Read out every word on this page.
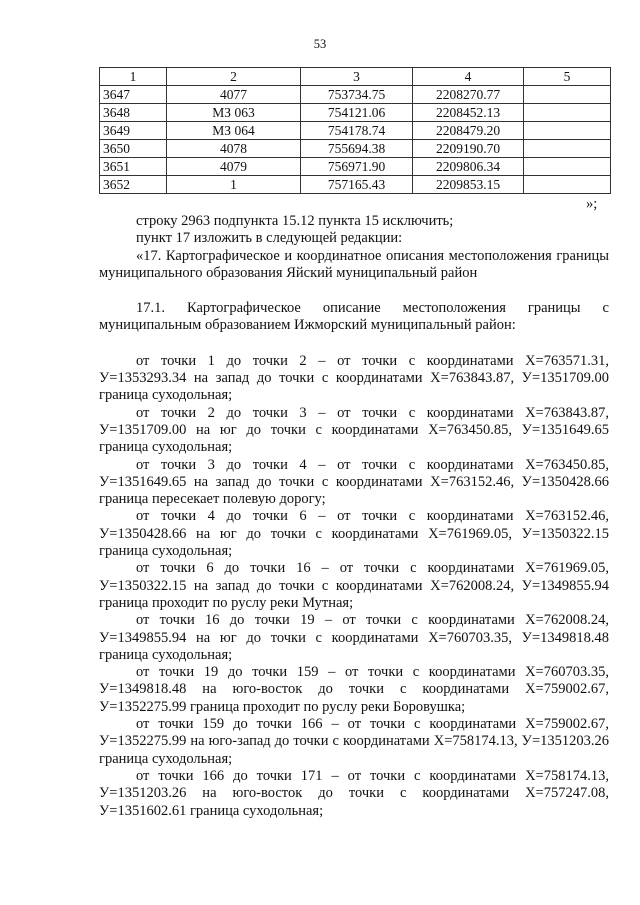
53
1	2	3	4	5
3647	4077	753734.75	2208270.77	
3648	МЗ 063	754121.06	2208452.13	
3649	МЗ 064	754178.74	2208479.20	
3650	4078	755694.38	2209190.70	
3651	4079	756971.90	2209806.34	
3652	1	757165.43	2209853.15	
»;

строку 2963 подпункта 15.12 пункта 15 исключить;

пункт 17 изложить в следующей редакции:

«17. Картографическое и координатное описания местоположения границы муниципального образования Яйский муниципальный район

17.1. Картографическое описание местоположения границы с муниципальным образованием Ижморский муниципальный район:

от точки 1 до точки 2 – от точки с координатами Х=763571.31, У=1353293.34 на запад до точки с координатами Х=763843.87, У=1351709.00 граница суходольная;

от точки 2 до точки 3 – от точки с координатами Х=763843.87, У=1351709.00 на юг до точки с координатами Х=763450.85, У=1351649.65 граница суходольная;

от точки 3 до точки 4 – от точки с координатами Х=763450.85, У=1351649.65 на запад до точки с координатами Х=763152.46, У=1350428.66 граница пересекает полевую дорогу;

от точки 4 до точки 6 – от точки с координатами Х=763152.46, У=1350428.66 на юг до точки с координатами Х=761969.05, У=1350322.15 граница суходольная;

от точки 6 до точки 16 – от точки с координатами Х=761969.05, У=1350322.15 на запад до точки с координатами Х=762008.24, У=1349855.94 граница проходит по руслу реки Мутная;

от точки 16 до точки 19 – от точки с координатами Х=762008.24, У=1349855.94 на юг до точки с координатами Х=760703.35, У=1349818.48 граница суходольная;

от точки 19 до точки 159 – от точки с координатами Х=760703.35, У=1349818.48 на юго-восток до точки с координатами Х=759002.67, У=1352275.99 граница проходит по руслу реки Боровушка;

от точки 159 до точки 166 – от точки с координатами Х=759002.67, У=1352275.99 на юго-запад до точки с координатами Х=758174.13, У=1351203.26 граница суходольная;

от точки 166 до точки 171 – от точки с координатами Х=758174.13, У=1351203.26 на юго-восток до точки с координатами Х=757247.08, У=1351602.61 граница суходольная;
